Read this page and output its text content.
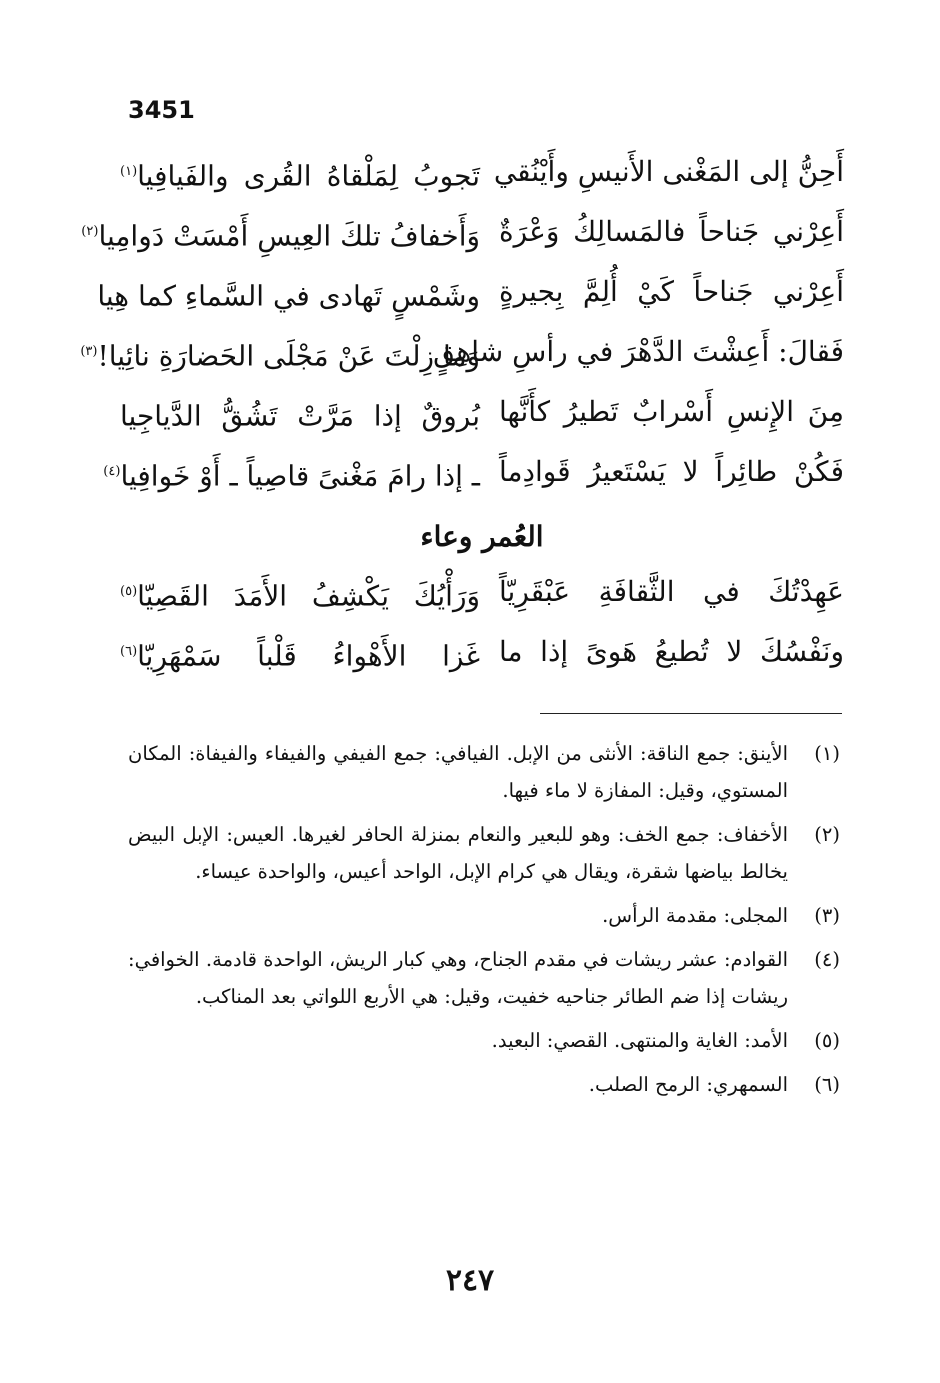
3451
أَحِنُّ إلى المَغْنى الأَنيسِ وأَيْنُقي
تَجوبُ لِمَلْقاهُ القُرى والفَيافِيا$^{(١)}$
أَعِرْني جَناحاً فالمَسالِكُ وَعْرَةٌ
وَأَخفافُ تلكَ العِيسِ أَمْسَتْ دَوامِيا$^{(٢)}$
أَعِرْني جَناحاً كَيْ أُلِمَّ بِجيرةٍ
وشَمْسٍ تَهادى في السَّماءِ كما هِيا
فَقالَ: أَعِشْتَ الدَّهْرَ في رأسِ شاهِقٍ
وَما زِلْتَ عَنْ مَجْلَى الحَضارَةِ نائِيا!$^{(٣)}$
مِنَ الإِنسِ أَسْرابٌ تَطيرُ كأَنَّها
بُروقٌ إذا مَرَّتْ تَشُقُّ الدَّياجِيا
فَكُنْ طائِراً لا يَسْتَعيرُ قَوادِماً
ـ إذا رامَ مَغْنىً قاصِياً ـ أَوْ خَوافِيا$^{(٤)}$
العُمر وعاء
عَهِدْتُكَ في الثَّقافَةِ عَبْقَرِيّاً
وَرَأْيُكَ يَكْشِفُ الأَمَدَ القَصِيّا$^{(٥)}$
ونَفْسُكَ لا تُطيعُ هَوىً إذا ما
غَزا الأَهْواءُ قَلْباً سَمْهَرِيّا$^{(٦)}$
(١)
الأينق: جمع الناقة: الأنثى من الإبل. الفيافي: جمع الفيفي والفيفاء والفيفاة: المكان المستوي، وقيل: المفازة لا ماء فيها.
(٢)
الأخفاف: جمع الخف: وهو للبعير والنعام بمنزلة الحافر لغيرها. العيس: الإبل البيض يخالط بياضها شقرة، ويقال هي كرام الإبل، الواحد أعيس، والواحدة عيساء.
(٣)
المجلى: مقدمة الرأس.
(٤)
القوادم: عشر ريشات في مقدم الجناح، وهي كبار الريش، الواحدة قادمة. الخوافي: ريشات إذا ضم الطائر جناحيه خفيت، وقيل: هي الأربع اللواتي بعد المناكب.
(٥)
الأمد: الغاية والمنتهى. القصي: البعيد.
(٦)
السمهري: الرمح الصلب.
٢٤٧
